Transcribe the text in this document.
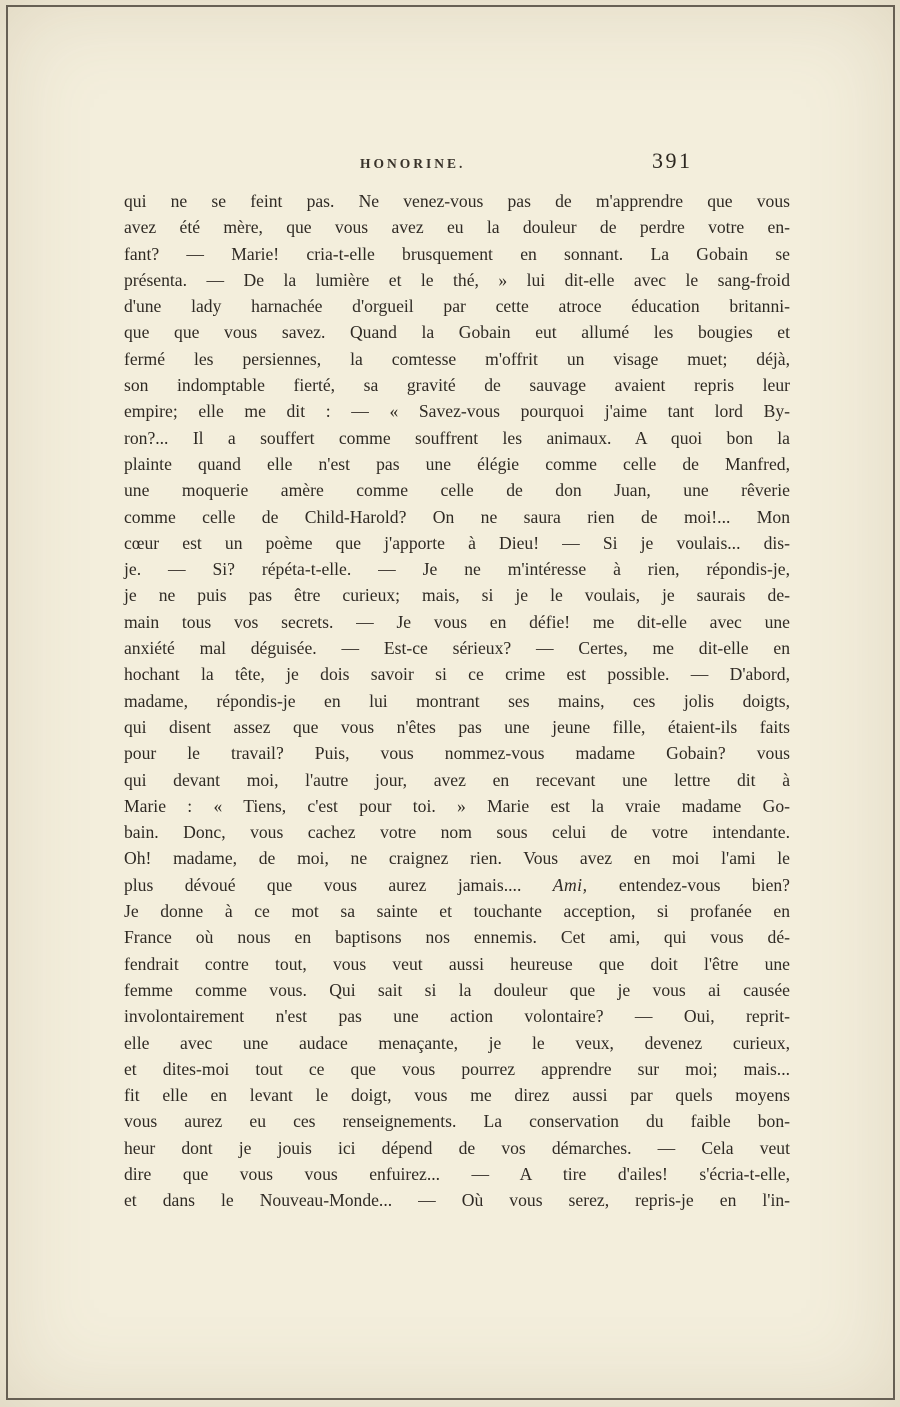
HONORINE.	391
qui ne se feint pas. Ne venez-vous pas de m'apprendre que vous
avez été mère, que vous avez eu la douleur de perdre votre en-
fant? — Marie! cria-t-elle brusquement en sonnant. La Gobain se
présenta. — De la lumière et le thé, » lui dit-elle avec le sang-froid
d'une lady harnachée d'orgueil par cette atroce éducation britanni-
que que vous savez. Quand la Gobain eut allumé les bougies et
fermé les persiennes, la comtesse m'offrit un visage muet; déjà,
son indomptable fierté, sa gravité de sauvage avaient repris leur
empire; elle me dit : — « Savez-vous pourquoi j'aime tant lord By-
ron?... Il a souffert comme souffrent les animaux. A quoi bon la
plainte quand elle n'est pas une élégie comme celle de Manfred,
une moquerie amère comme celle de don Juan, une rêverie
comme celle de Child-Harold? On ne saura rien de moi!... Mon
cœur est un poème que j'apporte à Dieu! — Si je voulais... dis-
je. — Si? répéta-t-elle. — Je ne m'intéresse à rien, répondis-je,
je ne puis pas être curieux; mais, si je le voulais, je saurais de-
main tous vos secrets. — Je vous en défie! me dit-elle avec une
anxiété mal déguisée. — Est-ce sérieux? — Certes, me dit-elle en
hochant la tête, je dois savoir si ce crime est possible. — D'abord,
madame, répondis-je en lui montrant ses mains, ces jolis doigts,
qui disent assez que vous n'êtes pas une jeune fille, étaient-ils faits
pour le travail? Puis, vous nommez-vous madame Gobain? vous
qui devant moi, l'autre jour, avez en recevant une lettre dit à
Marie : « Tiens, c'est pour toi. » Marie est la vraie madame Go-
bain. Donc, vous cachez votre nom sous celui de votre intendante.
Oh! madame, de moi, ne craignez rien. Vous avez en moi l'ami le
plus dévoué que vous aurez jamais.... Ami, entendez-vous bien?
Je donne à ce mot sa sainte et touchante acception, si profanée en
France où nous en baptisons nos ennemis. Cet ami, qui vous dé-
fendrait contre tout, vous veut aussi heureuse que doit l'être une
femme comme vous. Qui sait si la douleur que je vous ai causée
involontairement n'est pas une action volontaire? — Oui, reprit-
elle avec une audace menaçante, je le veux, devenez curieux,
et dites-moi tout ce que vous pourrez apprendre sur moi; mais...
fit elle en levant le doigt, vous me direz aussi par quels moyens
vous aurez eu ces renseignements. La conservation du faible bon-
heur dont je jouis ici dépend de vos démarches. — Cela veut
dire que vous vous enfuirez... — A tire d'ailes! s'écria-t-elle,
et dans le Nouveau-Monde... — Où vous serez, repris-je en l'in-
